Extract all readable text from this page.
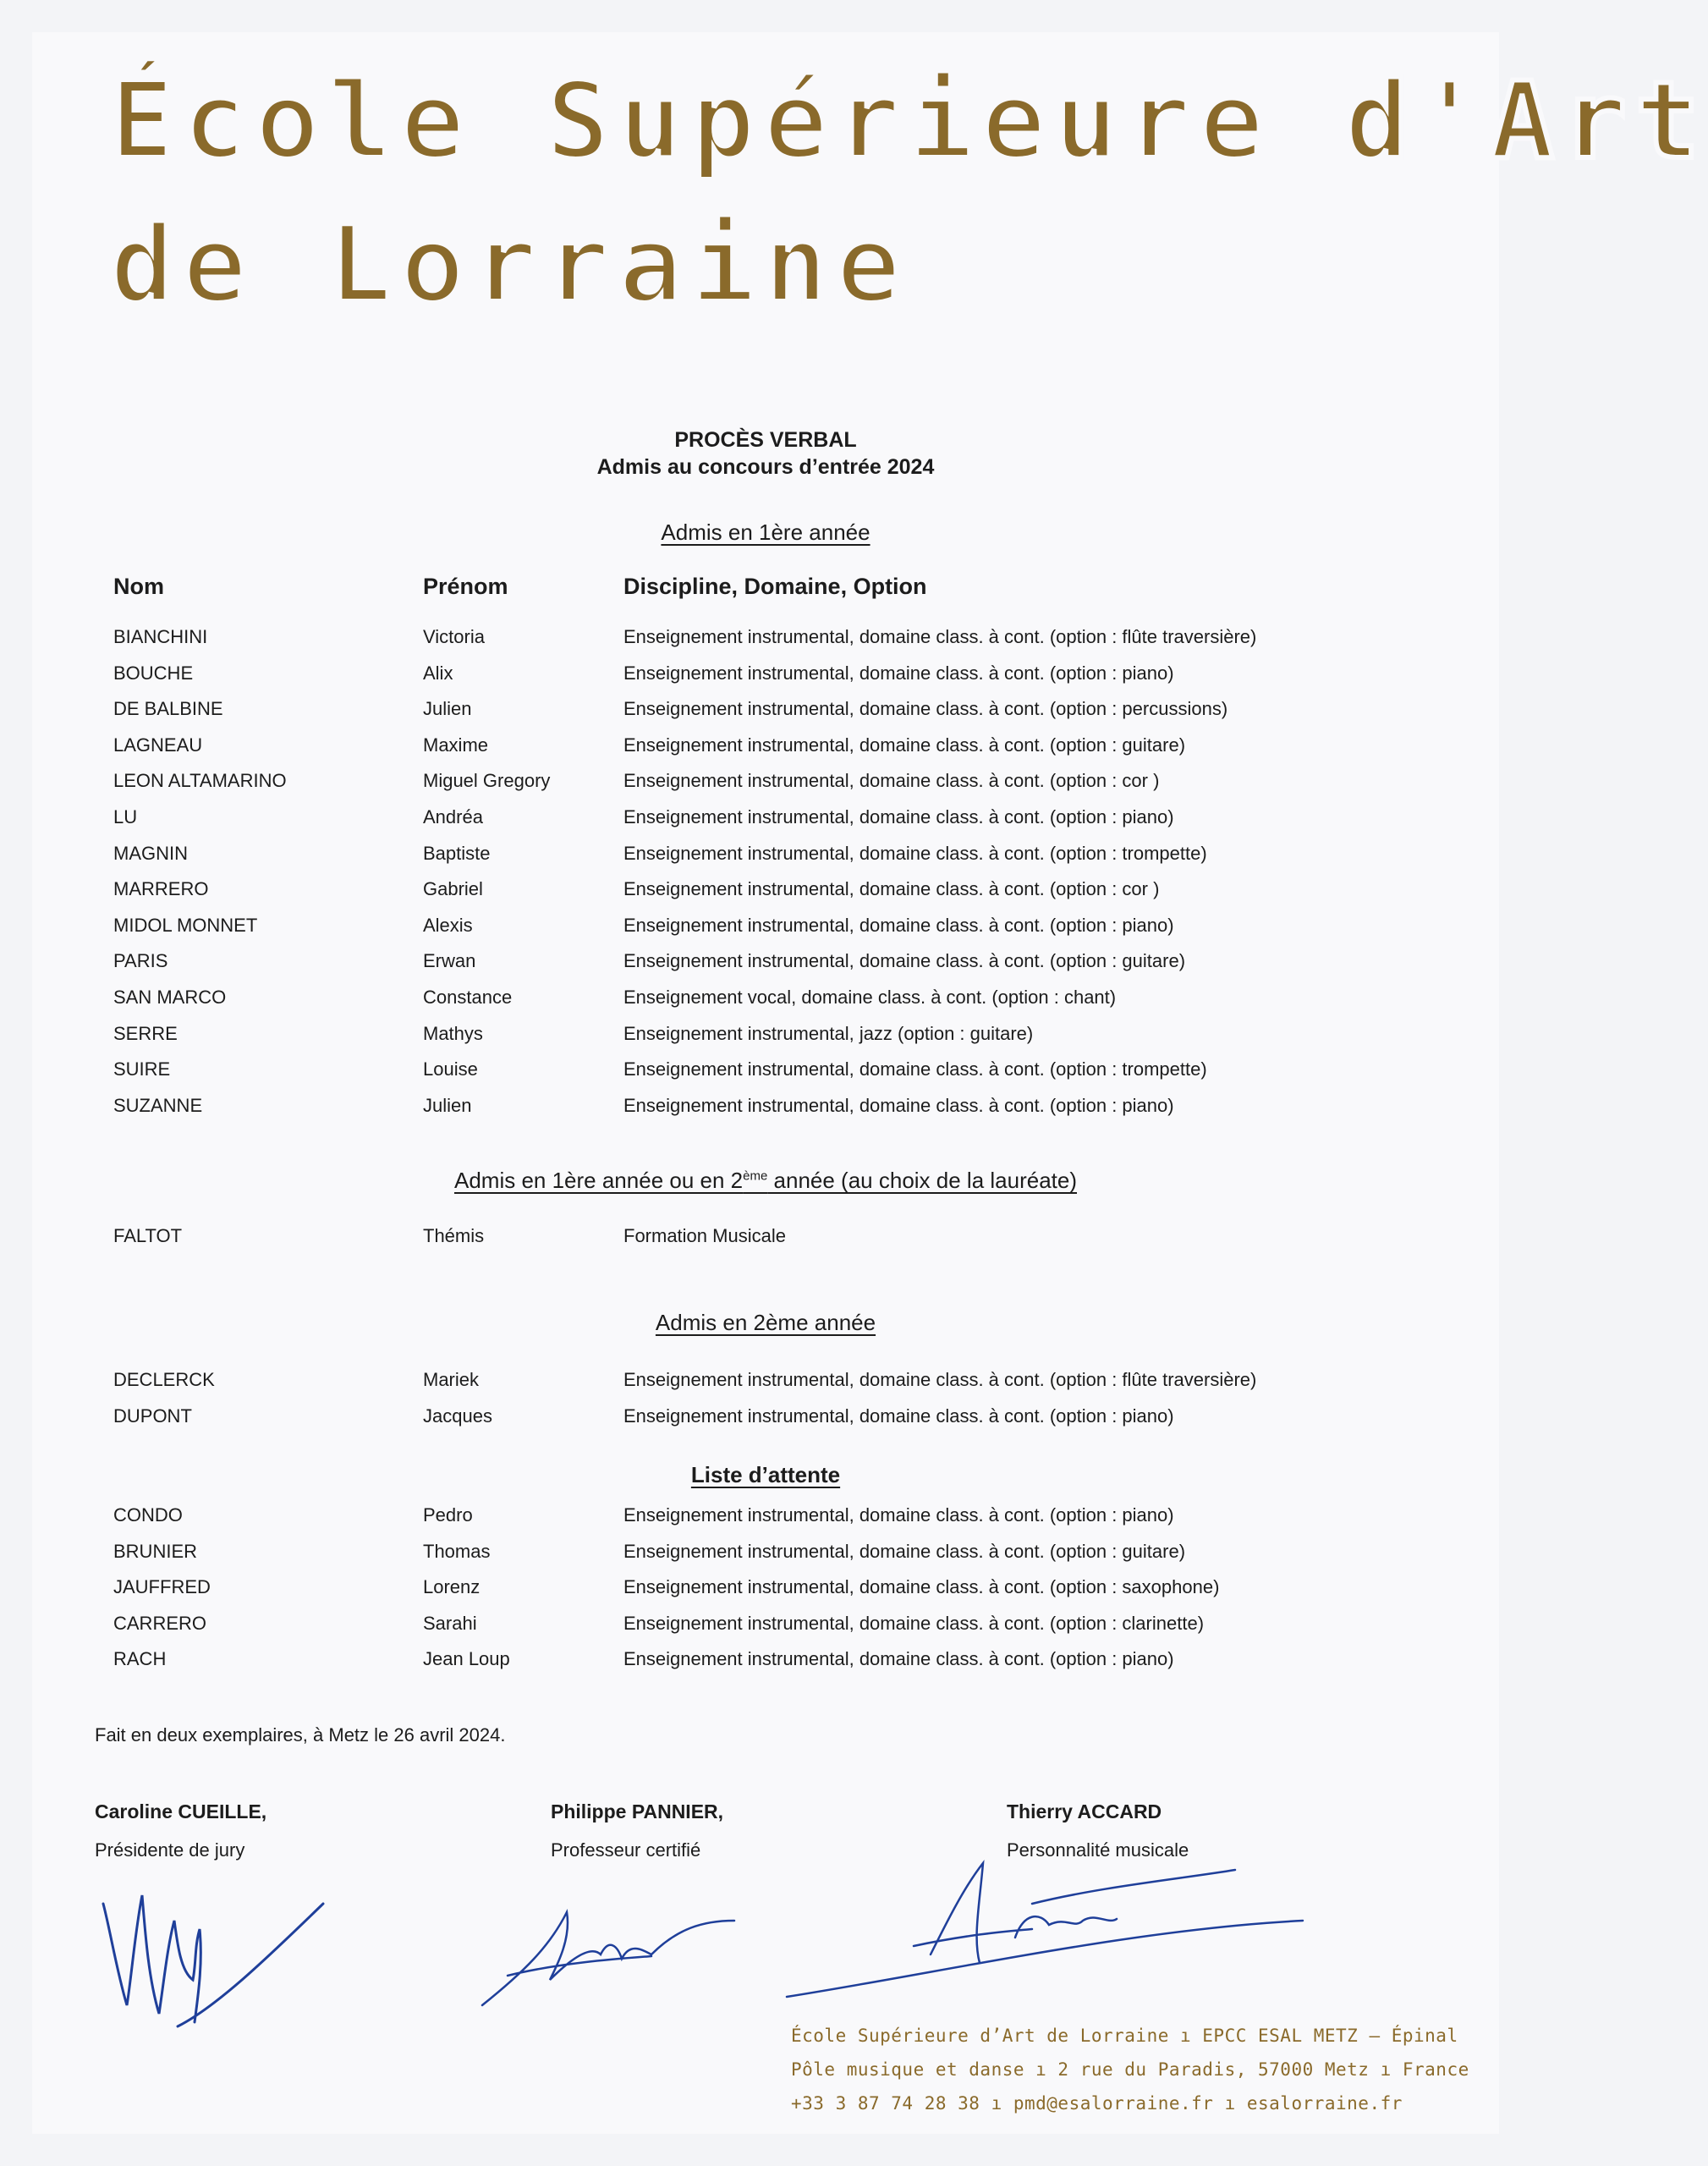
École Supérieure d'Art
de Lorraine
PROCÈS VERBAL
Admis au concours d’entrée 2024
Admis en 1ère année
Nom	Prénom	Discipline, Domaine, Option
BIANCHINI	Victoria	Enseignement instrumental, domaine class. à cont. (option : flûte traversière)
BOUCHE	Alix	Enseignement instrumental, domaine class. à cont. (option : piano)
DE BALBINE	Julien	Enseignement instrumental, domaine class. à cont. (option : percussions)
LAGNEAU	Maxime	Enseignement instrumental, domaine class. à cont. (option : guitare)
LEON ALTAMARINO	Miguel Gregory	Enseignement instrumental, domaine class. à cont. (option : cor )
LU	Andréa	Enseignement instrumental, domaine class. à cont. (option : piano)
MAGNIN	Baptiste	Enseignement instrumental, domaine class. à cont. (option : trompette)
MARRERO	Gabriel	Enseignement instrumental, domaine class. à cont. (option : cor )
MIDOL MONNET	Alexis	Enseignement instrumental, domaine class. à cont. (option : piano)
PARIS	Erwan	Enseignement instrumental, domaine class. à cont. (option : guitare)
SAN MARCO	Constance	Enseignement vocal, domaine class. à cont. (option : chant)
SERRE	Mathys	Enseignement instrumental, jazz (option : guitare)
SUIRE	Louise	Enseignement instrumental, domaine class. à cont. (option : trompette)
SUZANNE	Julien	Enseignement instrumental, domaine class. à cont. (option : piano)
Admis en 1ère année ou en 2ème année (au choix de la lauréate)
FALTOT	Thémis	Formation Musicale
Admis en 2ème année
DECLERCK	Mariek	Enseignement instrumental, domaine class. à cont. (option : flûte traversière)
DUPONT	Jacques	Enseignement instrumental, domaine class. à cont. (option : piano)
Liste d’attente
CONDO	Pedro	Enseignement instrumental, domaine class. à cont. (option : piano)
BRUNIER	Thomas	Enseignement instrumental, domaine class. à cont. (option : guitare)
JAUFFRED	Lorenz	Enseignement instrumental, domaine class. à cont. (option : saxophone)
CARRERO	Sarahi	Enseignement instrumental, domaine class. à cont. (option : clarinette)
RACH	Jean Loup	Enseignement instrumental, domaine class. à cont. (option : piano)
Fait en deux exemplaires, à Metz le 26 avril 2024.
Caroline CUEILLE,
Présidente de jury
Philippe PANNIER,
Professeur certifié
Thierry ACCARD
Personnalité musicale
École Supérieure d’Art de Lorraine ı EPCC ESAL METZ – Épinal
Pôle musique et danse ı 2 rue du Paradis, 57000 Metz ı France
+33 3 87 74 28 38 ı pmd@esalorraine.fr ı esalorraine.fr
